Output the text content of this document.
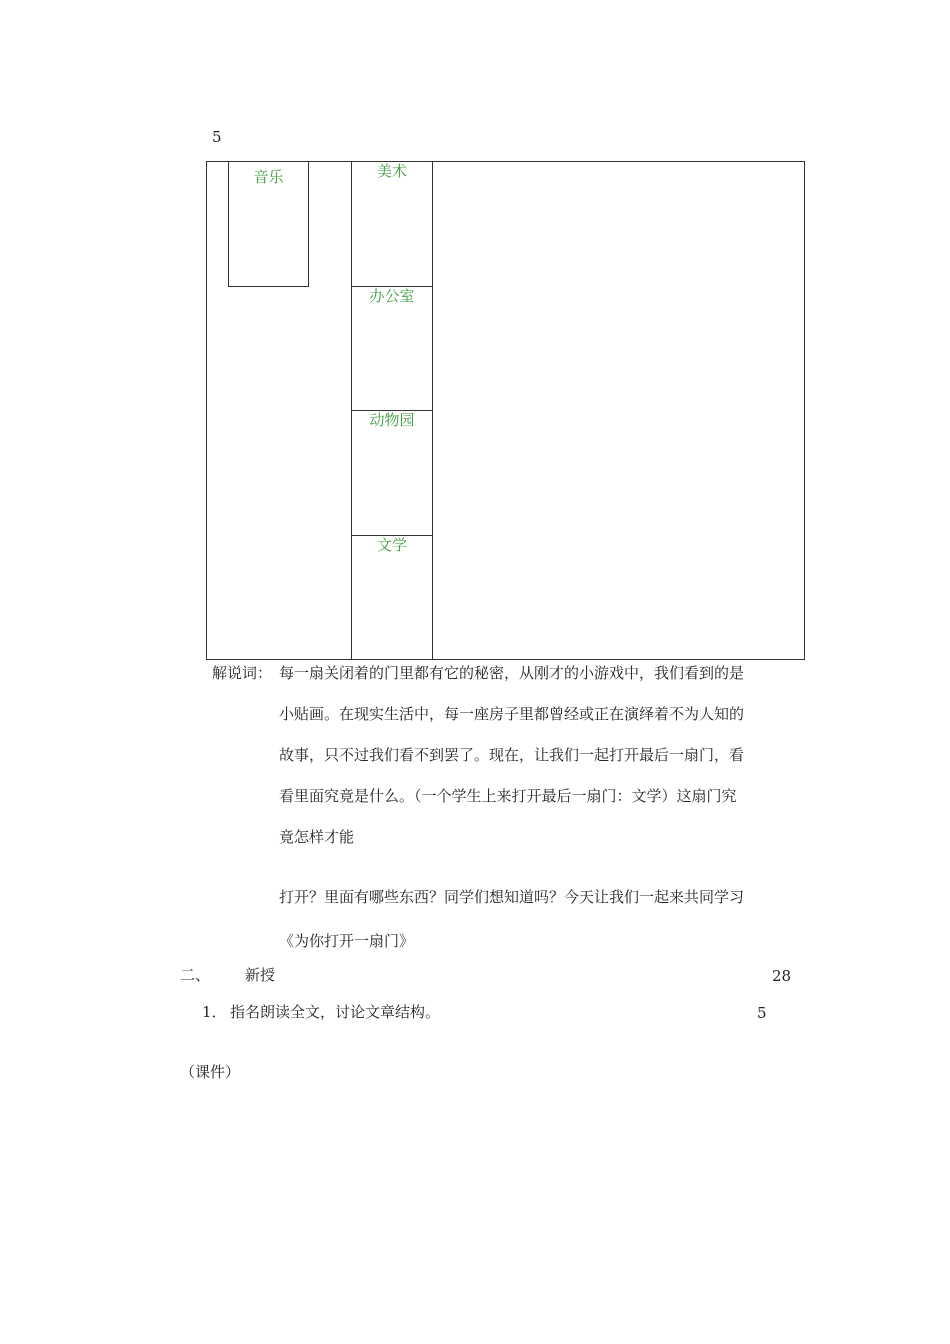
5
音乐	美术
办公室
动物园
文学
解说词： 每一扇关闭着的门里都有它的秘密，从刚才的小游戏中，我们看到的是
小贴画。在现实生活中，每一座房子里都曾经或正在演绎着不为人知的
故事，只不过我们看不到罢了。现在，让我们一起打开最后一扇门，看
看里面究竟是什么。（一个学生上来打开最后一扇门：文学）这扇门究
竟怎样才能
打开？里面有哪些东西？同学们想知道吗？今天让我们一起来共同学习
《为你打开一扇门》
二、 新授	28
1． 指名朗读全文，讨论文章结构。	5
（课件）
